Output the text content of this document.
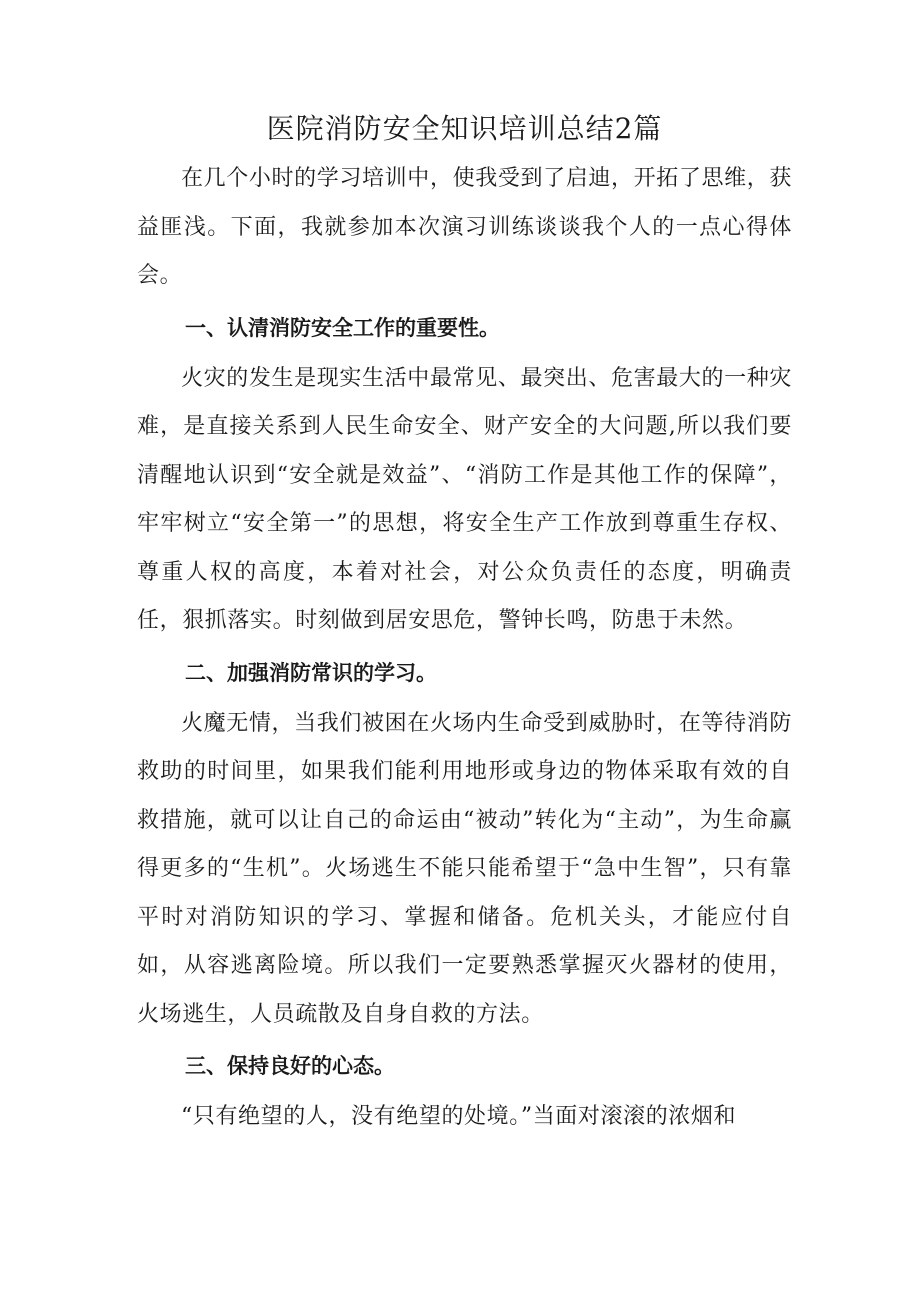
医院消防安全知识培训总结2篇

在几个小时的学习培训中，使我受到了启迪，开拓了思维，获益匪浅。下面，我就参加本次演习训练谈谈我个人的一点心得体会。

一、认清消防安全工作的重要性。

火灾的发生是现实生活中最常见、最突出、危害最大的一种灾难，是直接关系到人民生命安全、财产安全的大问题,所以我们要清醒地认识到“安全就是效益”、“消防工作是其他工作的保障”，牢牢树立“安全第一”的思想，将安全生产工作放到尊重生存权、尊重人权的高度，本着对社会，对公众负责任的态度，明确责任，狠抓落实。时刻做到居安思危，警钟长鸣，防患于未然。

二、加强消防常识的学习。

火魔无情，当我们被困在火场内生命受到威胁时，在等待消防救助的时间里，如果我们能利用地形或身边的物体采取有效的自救措施，就可以让自己的命运由“被动”转化为“主动”，为生命赢得更多的“生机”。火场逃生不能只能希望于“急中生智”，只有靠平时对消防知识的学习、掌握和储备。危机关头，才能应付自如，从容逃离险境。所以我们一定要熟悉掌握灭火器材的使用，火场逃生，人员疏散及自身自救的方法。

三、保持良好的心态。

“只有绝望的人，没有绝望的处境。”当面对滚滚的浓烟和
